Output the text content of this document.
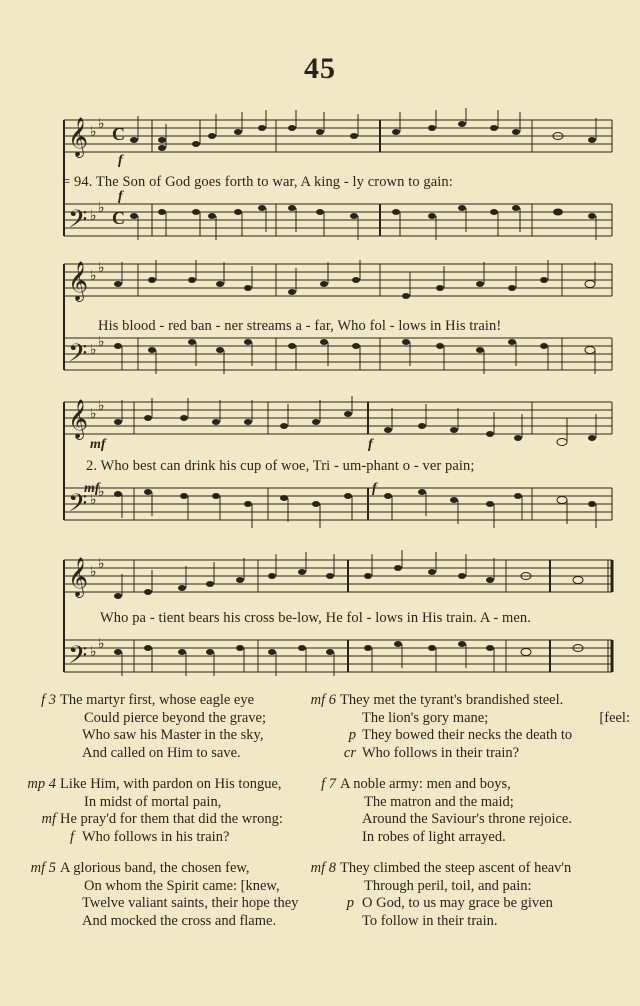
45
𝄞
𝄢
♭
♭
♭
♭
C
C
f
f
= 94. The Son of God goes forth to war, A king - ly crown to gain:
𝄞
𝄢
♭
♭
♭
♭
His blood - red ban - ner streams a - far, Who fol - lows in His train!
𝄞
𝄢
♭
♭
♭
♭
mf	f
mf	f
2. Who best can drink his cup of woe, Tri - um-phant o - ver pain;
𝄞
𝄢
♭
♭
♭
♭
Who pa - tient bears his cross be-low, He fol - lows in His train. A - men.
f 3 The martyr first, whose eagle eye
Could pierce beyond the grave;
Who saw his Master in the sky,
And called on Him to save.
mp 4 Like Him, with pardon on His tongue,
In midst of mortal pain,
mf He pray'd for them that did the wrong:
f Who follows in his train?
mf 5 A glorious band, the chosen few,
On whom the Spirit came: [knew,
Twelve valiant saints, their hope they
And mocked the cross and flame.
mf 6 They met the tyrant's brandished steel.
The lion's gory mane;	[feel:
p They bowed their necks the death to
cr Who follows in their train?
f 7 A noble army: men and boys,
The matron and the maid;
Around the Saviour's throne rejoice.
In robes of light arrayed.
mf 8 They climbed the steep ascent of heav'n
Through peril, toil, and pain:
p O God, to us may grace be given
To follow in their train.
